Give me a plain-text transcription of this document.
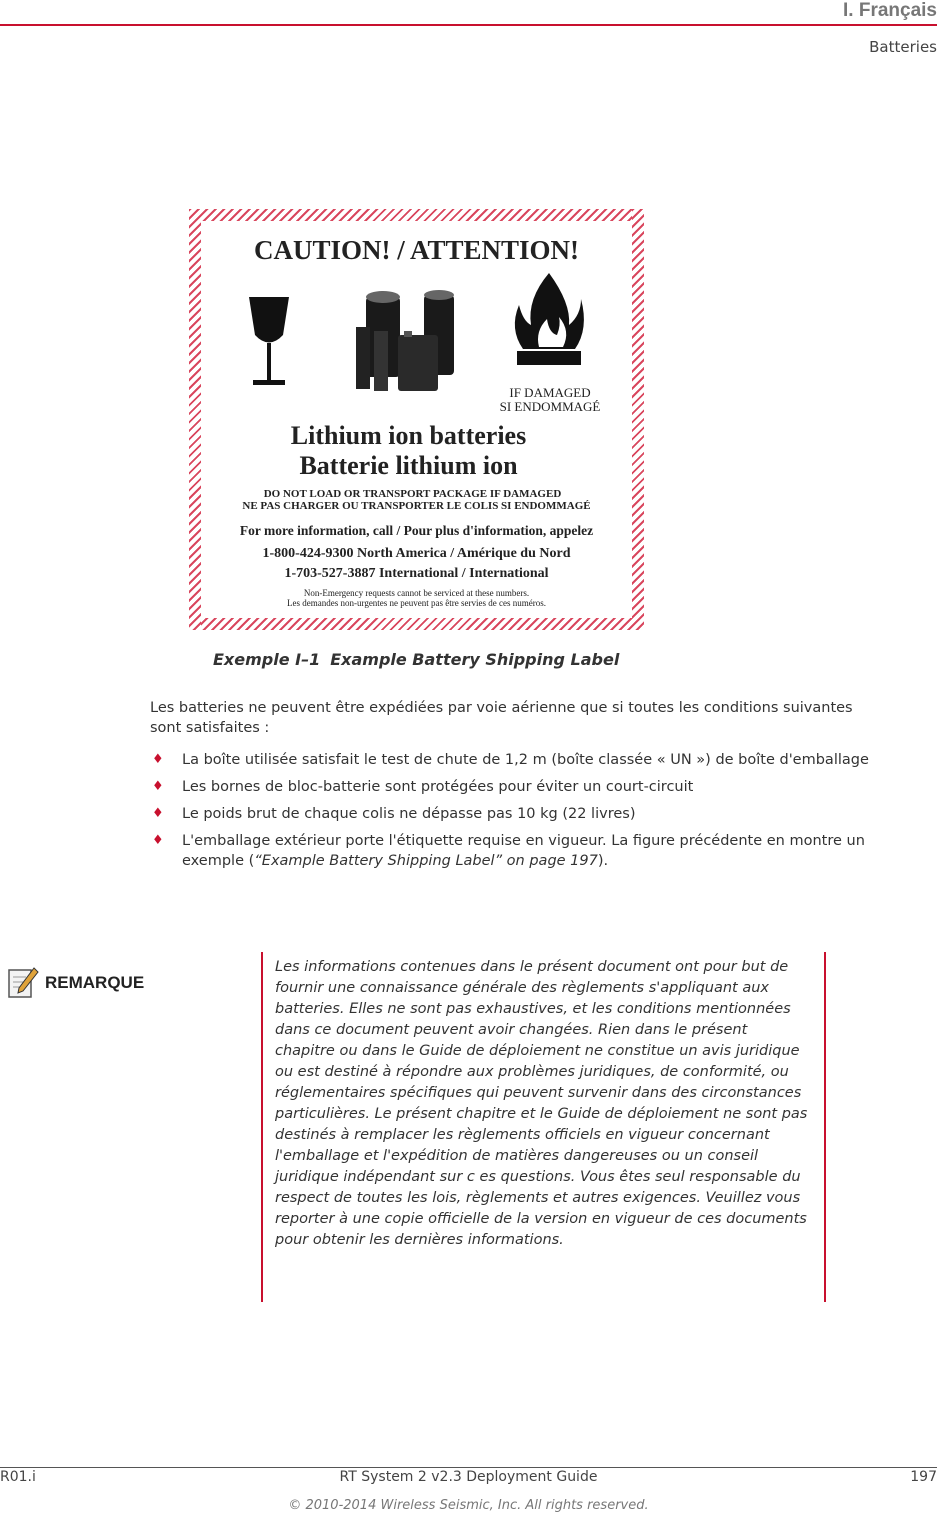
I. Français
Batteries
CAUTION! / ATTENTION!
IF DAMAGED
SI ENDOMMAGÉ
Lithium ion batteries
Batterie lithium ion
DO NOT LOAD OR TRANSPORT PACKAGE IF DAMAGED
NE PAS CHARGER OU TRANSPORTER LE COLIS SI ENDOMMAGÉ
For more information, call / Pour plus d'information, appelez
1-800-424-9300 North America / Amérique du Nord
1-703-527-3887 International / International
Non-Emergency requests cannot be serviced at these numbers.
Les demandes non-urgentes ne peuvent pas être servies de ces numéros.
Exemple I–1 Example Battery Shipping Label
Les batteries ne peuvent être expédiées par voie aérienne que si toutes les conditions suivantes sont satisfaites :
♦ La boîte utilisée satisfait le test de chute de 1,2 m (boîte classée « UN ») de boîte d'emballage
♦ Les bornes de bloc-batterie sont protégées pour éviter un court-circuit
♦ Le poids brut de chaque colis ne dépasse pas 10 kg (22 livres)
♦ L'emballage extérieur porte l'étiquette requise en vigueur. La figure précédente en montre un exemple (“Example Battery Shipping Label” on page 197).
REMARQUE
Les informations contenues dans le présent document ont pour but de fournir une connaissance générale des règlements s'appliquant aux batteries. Elles ne sont pas exhaustives, et les conditions mentionnées dans ce document peuvent avoir changées. Rien dans le présent chapitre ou dans le Guide de déploiement ne constitue un avis juridique ou est destiné à répondre aux problèmes juridiques, de conformité, ou réglementaires spécifiques qui peuvent survenir dans des circonstances particulières. Le présent chapitre et le Guide de déploiement ne sont pas destinés à remplacer les règlements officiels en vigueur concernant l'emballage et l'expédition de matières dangereuses ou un conseil juridique indépendant sur c es questions. Vous êtes seul responsable du respect de toutes les lois, règlements et autres exigences. Veuillez vous reporter à une copie officielle de la version en vigueur de ces documents pour obtenir les dernières informations.
R01.i	RT System 2 v2.3 Deployment Guide	197
© 2010-2014 Wireless Seismic, Inc. All rights reserved.
